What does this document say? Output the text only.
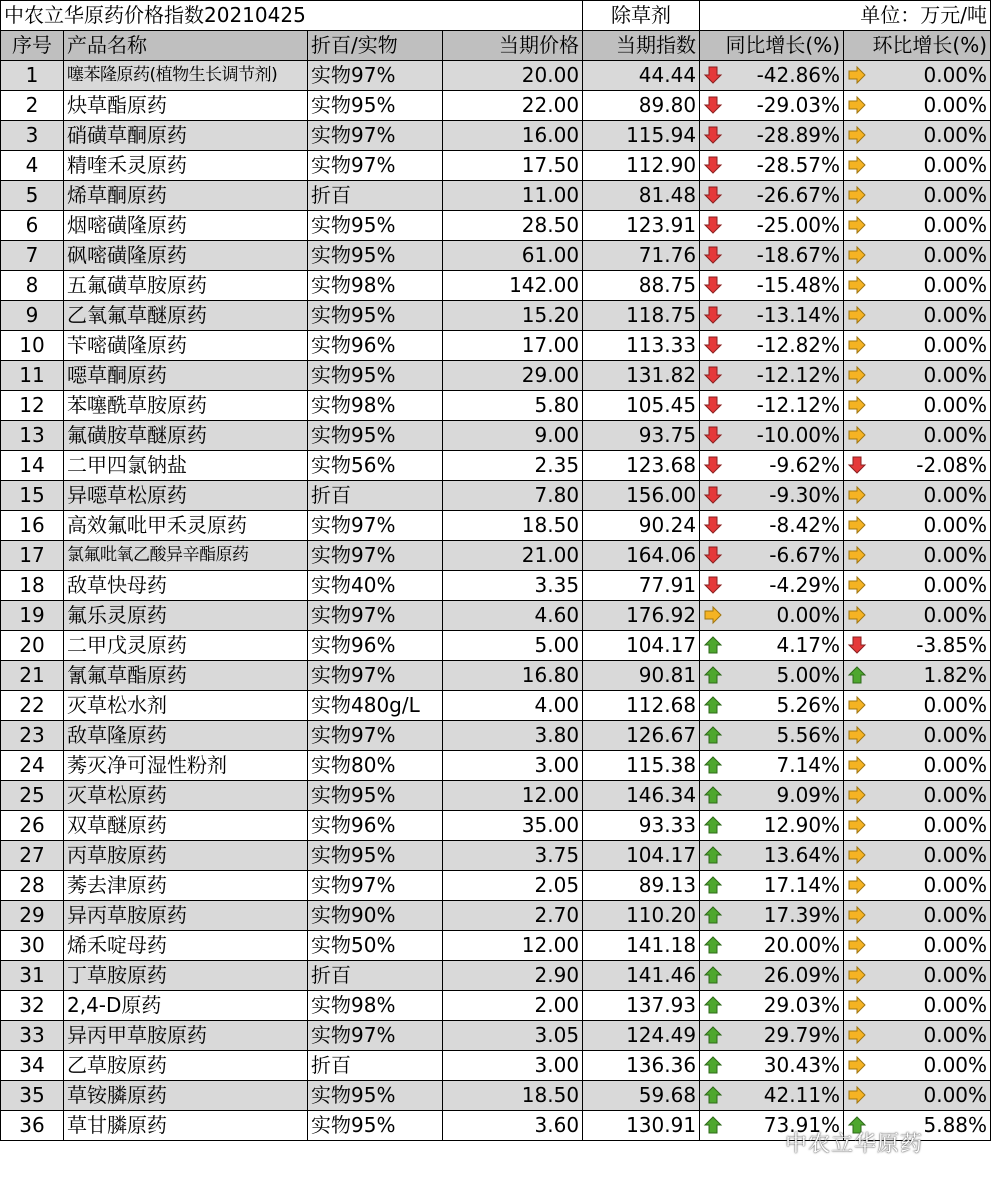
中农立华原药价格指数20210425				除草剂	单位：万元/吨	
序号	产品名称	折百/实物	当期价格	当期指数	同比增长(%)	环比增长(%)
1	噻苯隆原药(植物生长调节剂)	实物97%	20.00	44.44	-42.86%	0.00%

2	炔草酯原药	实物95%	22.00	89.80	-29.03%	0.00%

3	硝磺草酮原药	实物97%	16.00	115.94	-28.89%	0.00%

4	精喹禾灵原药	实物97%	17.50	112.90	-28.57%	0.00%

5	烯草酮原药	折百	11.00	81.48	-26.67%	0.00%

6	烟嘧磺隆原药	实物95%	28.50	123.91	-25.00%	0.00%

7	砜嘧磺隆原药	实物95%	61.00	71.76	-18.67%	0.00%

8	五氟磺草胺原药	实物98%	142.00	88.75	-15.48%	0.00%

9	乙氧氟草醚原药	实物95%	15.20	118.75	-13.14%	0.00%

10	苄嘧磺隆原药	实物96%	17.00	113.33	-12.82%	0.00%

11	噁草酮原药	实物95%	29.00	131.82	-12.12%	0.00%

12	苯噻酰草胺原药	实物98%	5.80	105.45	-12.12%	0.00%

13	氟磺胺草醚原药	实物95%	9.00	93.75	-10.00%	0.00%

14	二甲四氯钠盐	实物56%	2.35	123.68	-9.62%	-2.08%

15	异噁草松原药	折百	7.80	156.00	-9.30%	0.00%

16	高效氟吡甲禾灵原药	实物97%	18.50	90.24	-8.42%	0.00%

17	氯氟吡氧乙酸异辛酯原药	实物97%	21.00	164.06	-6.67%	0.00%

18	敌草快母药	实物40%	3.35	77.91	-4.29%	0.00%

19	氟乐灵原药	实物97%	4.60	176.92	0.00%	0.00%

20	二甲戊灵原药	实物96%	5.00	104.17	4.17%	-3.85%

21	氰氟草酯原药	实物97%	16.80	90.81	5.00%	1.82%

22	灭草松水剂	实物480g/L	4.00	112.68	5.26%	0.00%

23	敌草隆原药	实物97%	3.80	126.67	5.56%	0.00%

24	莠灭净可湿性粉剂	实物80%	3.00	115.38	7.14%	0.00%

25	灭草松原药	实物95%	12.00	146.34	9.09%	0.00%

26	双草醚原药	实物96%	35.00	93.33	12.90%	0.00%

27	丙草胺原药	实物95%	3.75	104.17	13.64%	0.00%

28	莠去津原药	实物97%	2.05	89.13	17.14%	0.00%

29	异丙草胺原药	实物90%	2.70	110.20	17.39%	0.00%

30	烯禾啶母药	实物50%	12.00	141.18	20.00%	0.00%

31	丁草胺原药	折百	2.90	141.46	26.09%	0.00%

32	2,4-D原药	实物98%	2.00	137.93	29.03%	0.00%

33	异丙甲草胺原药	实物97%	3.05	124.49	29.79%	0.00%

34	乙草胺原药	折百	3.00	136.36	30.43%	0.00%

35	草铵膦原药	实物95%	18.50	59.68	42.11%	0.00%

36	草甘膦原药	实物95%	3.60	130.91	73.91%	5.88%
中农立华原药
